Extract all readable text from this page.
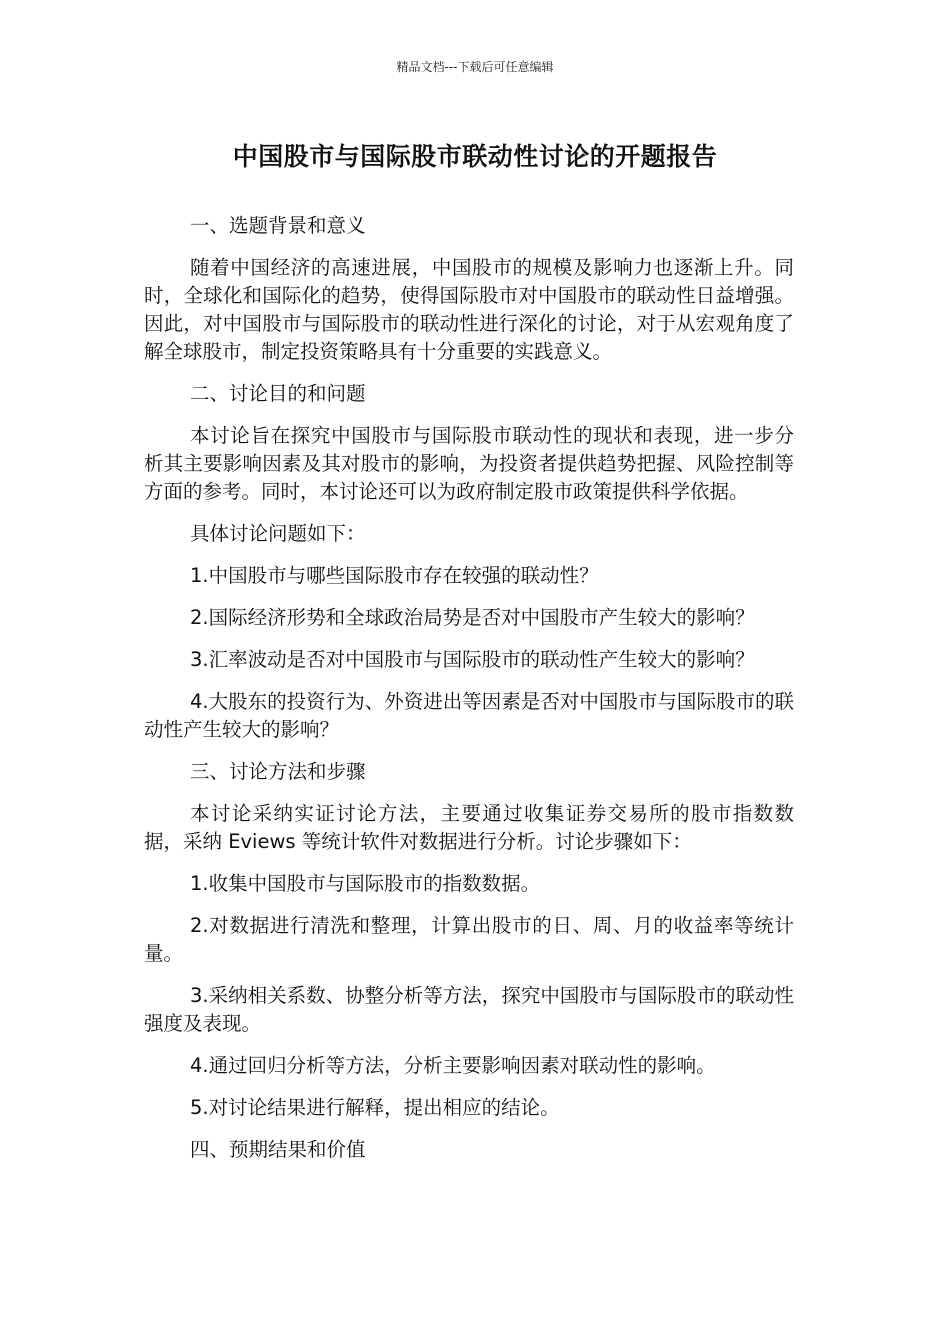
精品文档---下载后可任意编辑
中国股市与国际股市联动性讨论的开题报告

一、选题背景和意义

随着中国经济的高速进展，中国股市的规模及影响力也逐渐上升。同时，全球化和国际化的趋势，使得国际股市对中国股市的联动性日益增强。因此，对中国股市与国际股市的联动性进行深化的讨论，对于从宏观角度了解全球股市，制定投资策略具有十分重要的实践意义。

二、讨论目的和问题

本讨论旨在探究中国股市与国际股市联动性的现状和表现，进一步分析其主要影响因素及其对股市的影响，为投资者提供趋势把握、风险控制等方面的参考。同时，本讨论还可以为政府制定股市政策提供科学依据。

具体讨论问题如下：

1.中国股市与哪些国际股市存在较强的联动性？

2.国际经济形势和全球政治局势是否对中国股市产生较大的影响？

3.汇率波动是否对中国股市与国际股市的联动性产生较大的影响？

4.大股东的投资行为、外资进出等因素是否对中国股市与国际股市的联动性产生较大的影响？

三、讨论方法和步骤

本讨论采纳实证讨论方法，主要通过收集证券交易所的股市指数数据，采纳 Eviews 等统计软件对数据进行分析。讨论步骤如下：

1.收集中国股市与国际股市的指数数据。

2.对数据进行清洗和整理，计算出股市的日、周、月的收益率等统计量。

3.采纳相关系数、协整分析等方法，探究中国股市与国际股市的联动性强度及表现。

4.通过回归分析等方法，分析主要影响因素对联动性的影响。

5.对讨论结果进行解释，提出相应的结论。

四、预期结果和价值
